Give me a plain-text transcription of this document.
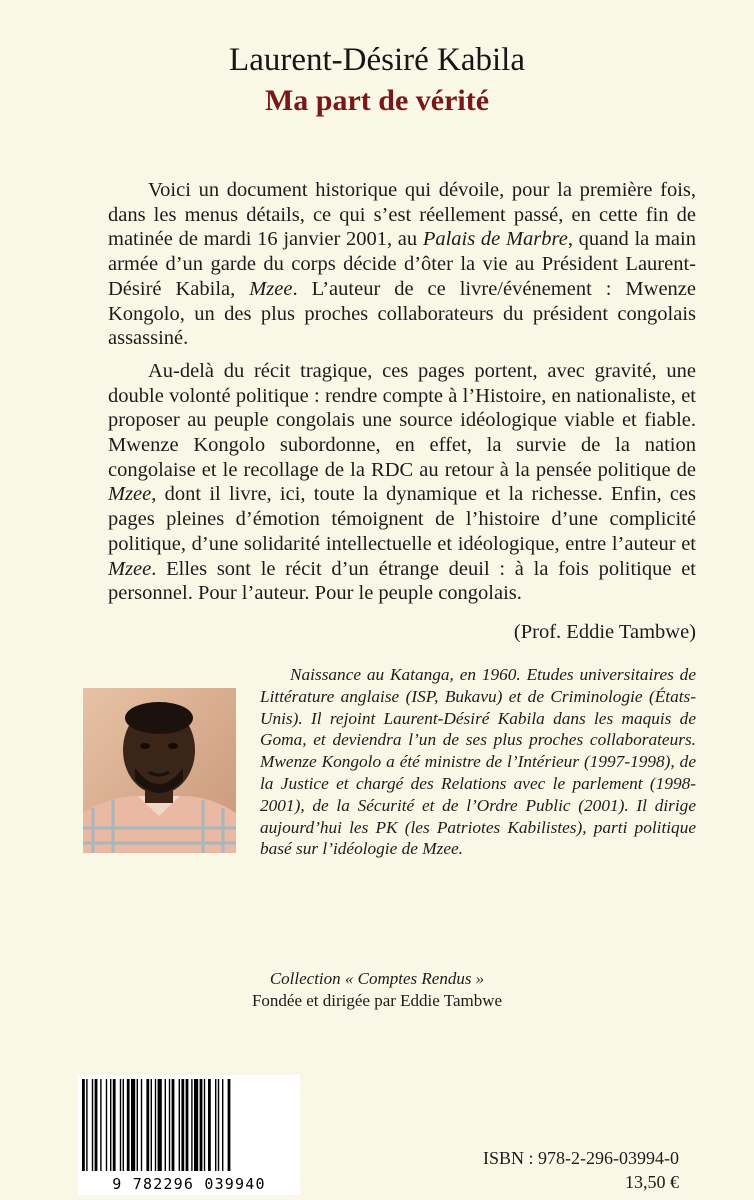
Laurent-Désiré Kabila
Ma part de vérité

Voici un document historique qui dévoile, pour la première fois, dans les menus détails, ce qui s’est réellement passé, en cette fin de matinée de mardi 16 janvier 2001, au Palais de Marbre, quand la main armée d’un garde du corps décide d’ôter la vie au Président Laurent-Désiré Kabila, Mzee. L’auteur de ce livre/événement : Mwenze Kongolo, un des plus proches collaborateurs du président congolais assassiné.

Au-delà du récit tragique, ces pages portent, avec gravité, une double volonté politique : rendre compte à l’Histoire, en nationaliste, et proposer au peuple congolais une source idéologique viable et fiable. Mwenze Kongolo subordonne, en effet, la survie de la nation congolaise et le recollage de la RDC au retour à la pensée politique de Mzee, dont il livre, ici, toute la dynamique et la richesse. Enfin, ces pages pleines d’émotion témoignent de l’histoire d’une complicité politique, d’une solidarité intellectuelle et idéologique, entre l’auteur et Mzee. Elles sont le récit d’un étrange deuil : à la fois politique et personnel. Pour l’auteur. Pour le peuple congolais.

(Prof. Eddie Tambwe)

Naissance au Katanga, en 1960. Etudes universitaires de Littérature anglaise (ISP, Bukavu) et de Criminologie (États-Unis). Il rejoint Laurent-Désiré Kabila dans les maquis de Goma, et deviendra l’un de ses plus proches collaborateurs. Mwenze Kongolo a été ministre de l’Intérieur (1997-1998), de la Justice et chargé des Relations avec le parlement (1998-2001), de la Sécurité et de l’Ordre Public (2001). Il dirige aujourd’hui les PK (les Patriotes Kabilistes), parti politique basé sur l’idéologie de Mzee.

Collection « Comptes Rendus »
Fondée et dirigée par Eddie Tambwe
9 782296 039940
ISBN : 978-2-296-03994-0
13,50 €
